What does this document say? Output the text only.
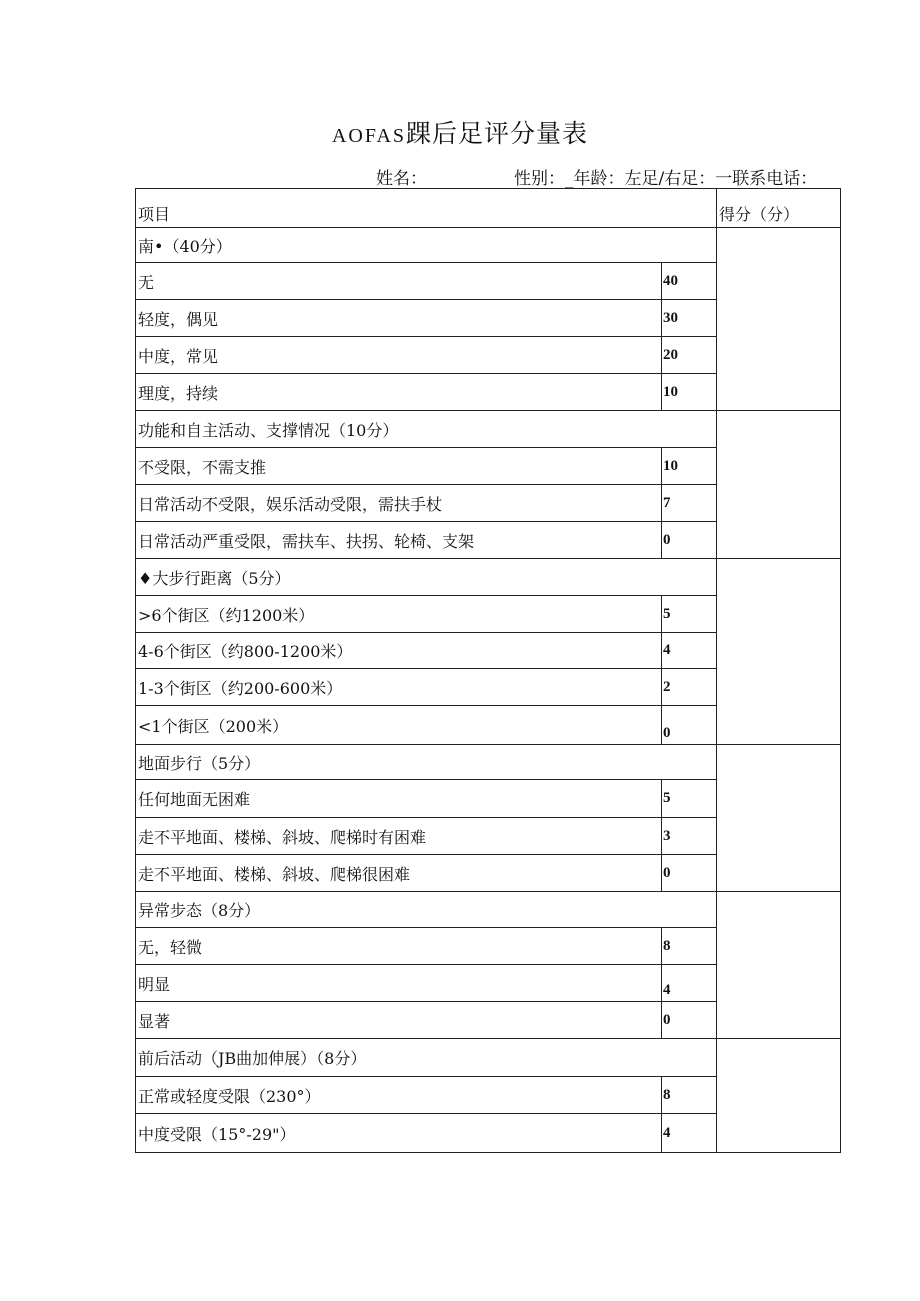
AOFAS踝后足评分量表
姓名：	性别：_年龄：左足/右足：一联系电话：
项目		得分（分）
南•（40分）		
无	40	
轻度，偶见	30	
中度，常见	20	
理度，持续	10	
功能和自主活动、支撑情况（10分）		
不受限，不需支推	10	
日常活动不受限，娱乐活动受限，需扶手杖	7	
日常活动严重受限，需扶车、扶拐、轮椅、支架	0	
♦大步行距离（5分）		
>6个街区（约1200米）	5	
4-6个街区（约800-1200米）	4	
1-3个街区（约200-600米）	2	
<1个街区（200米）	0	
地面步行（5分）		
任何地面无困难	5	
走不平地面、楼梯、斜坡、爬梯时有困难	3	
走不平地面、楼梯、斜坡、爬梯很困难	0	
异常步态（8分）		
无，轻微	8	
明显	4	
显著	0	
前后活动（JB曲加伸展）（8分）		
正常或轻度受限（230°）	8	
中度受限（15°-29"）	4	
